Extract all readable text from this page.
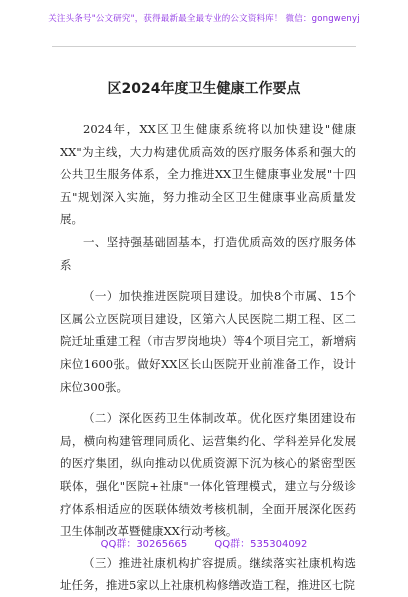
关注头条号"公文研究"，获得最新最全最专业的公文资料库！ 微信：gongwenyj
区2024年度卫生健康工作要点

2024年，XX区卫生健康系统将以加快建设"健康XX"为主线，大力构建优质高效的医疗服务体系和强大的公共卫生服务体系，全力推进XX卫生健康事业发展"十四五"规划深入实施，努力推动全区卫生健康事业高质量发展。

一、坚持强基础固基本，打造优质高效的医疗服务体系

（一）加快推进医院项目建设。加快8个市属、15个区属公立医院项目建设，区第六人民医院二期工程、区二院迁址重建工程（市吉罗岗地块）等4个项目完工，新增病床位1600张。做好XX区长山医院开业前准备工作，设计床位300张。

（二）深化医药卫生体制改革。优化医疗集团建设布局，横向构建管理同质化、运营集约化、学科差异化发展的医疗集团，纵向推动以优质资源下沉为核心的紧密型医联体，强化"医院+社康"一体化管理模式，建立与分级诊疗体系相适应的医联体绩效考核机制，全面开展深化医药卫生体制改革暨健康XX行动考核。

（三）推进社康机构扩容提质。继续落实社康机构选址任务，推进5家以上社康机构修缮改造工程，推进区七院

QQ群：30265665	QQ群：535304092
